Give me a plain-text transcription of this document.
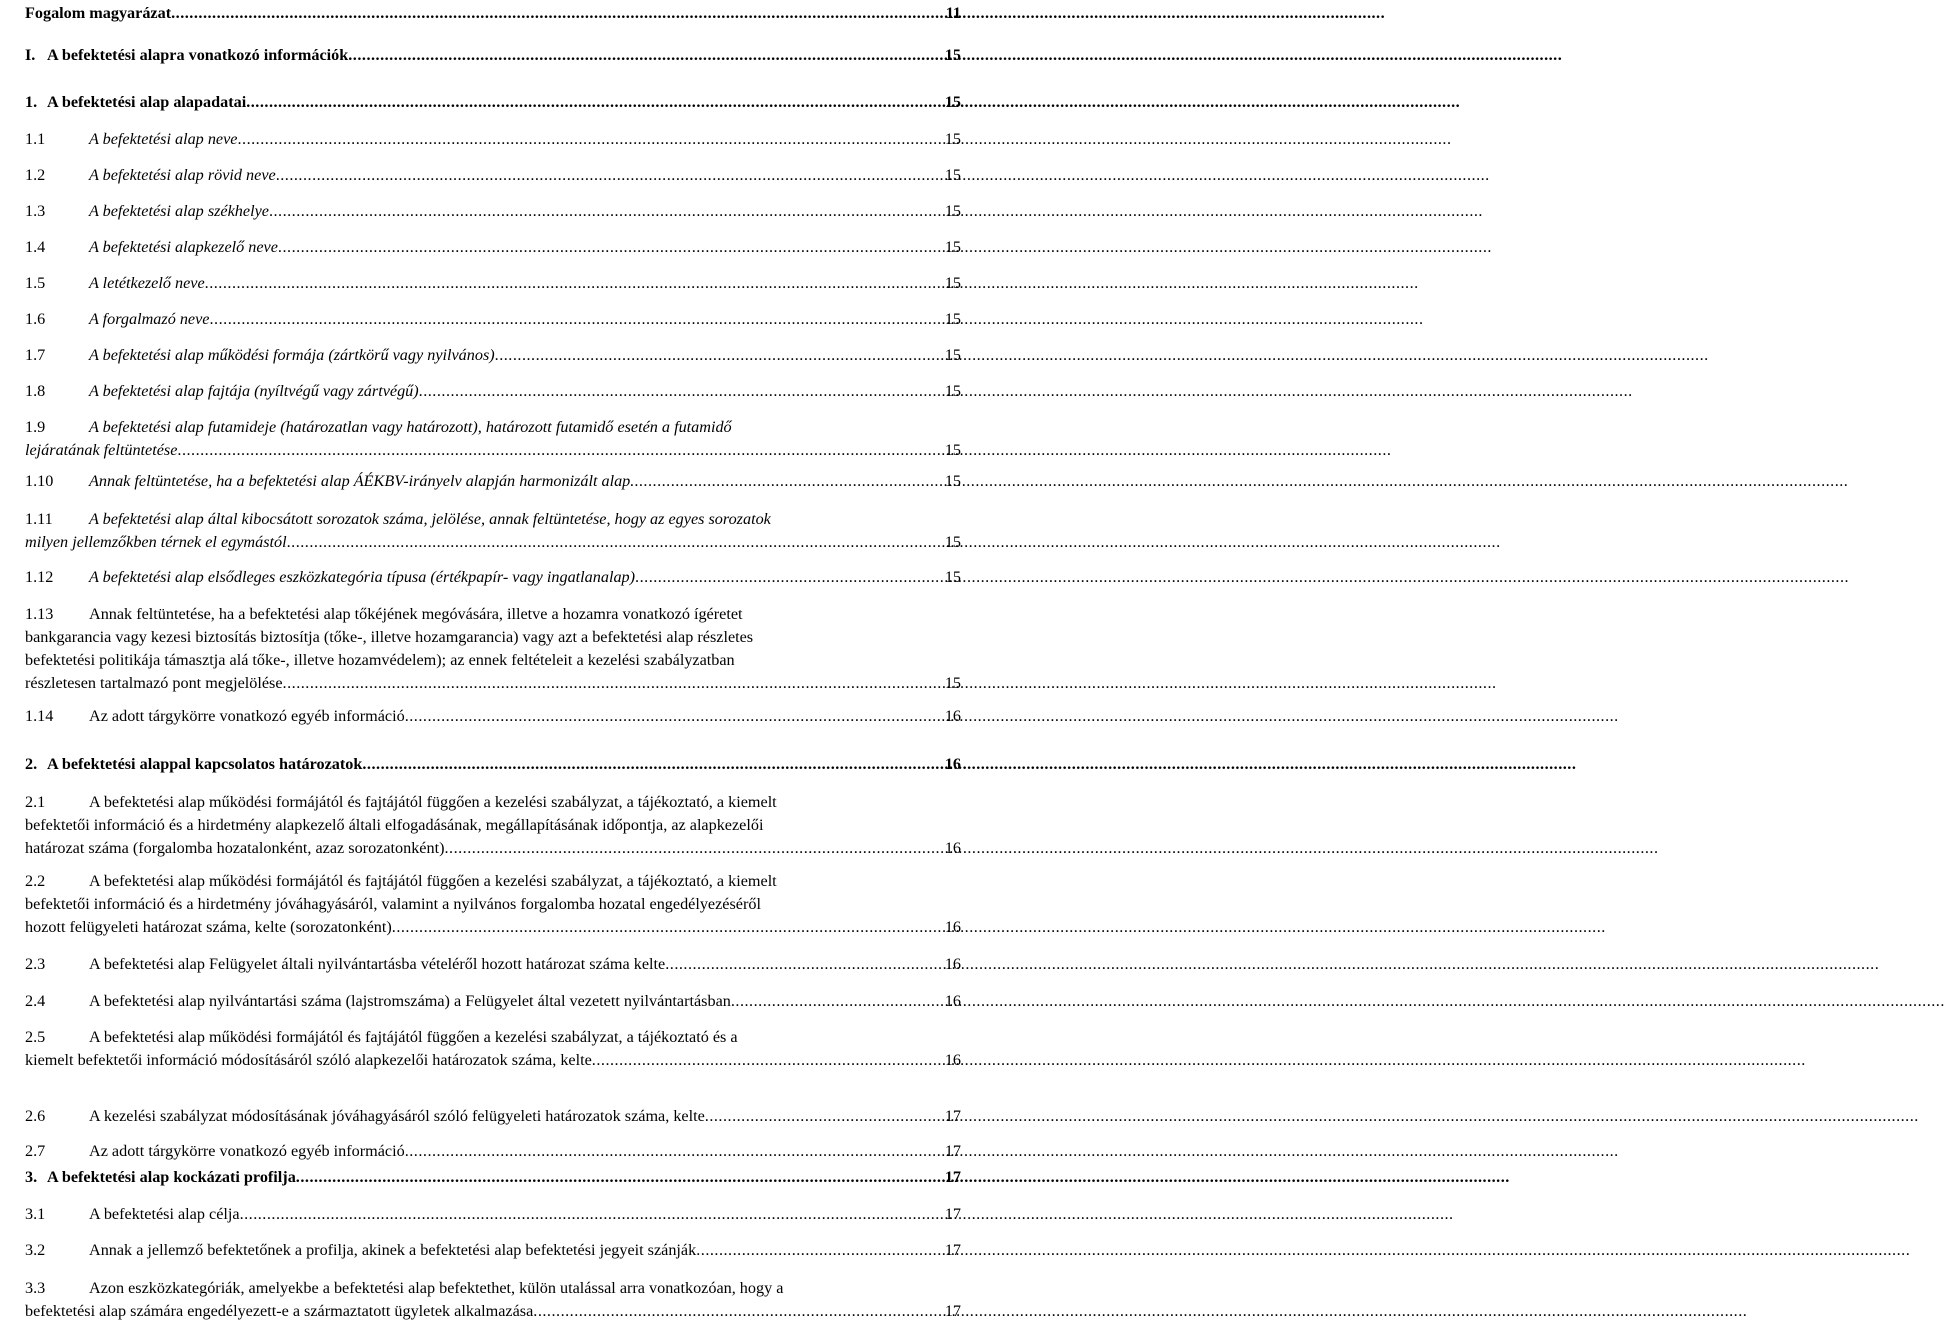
Fogalom magyarázat .....	11
I. A befektetési alapra vonatkozó információk .....	15
1. A befektetési alap alapadatai .....	15
1.1	A befektetési alap neve .....	15
1.2	A befektetési alap rövid neve .....	15
1.3	A befektetési alap székhelye .....	15
1.4	A befektetési alapkezelő neve .....	15
1.5	A letétkezelő neve .....	15
1.6	A forgalmazó neve .....	15
1.7	A befektetési alap működési formája (zártkörű vagy nyilvános) .....	15
1.8	A befektetési alap fajtája (nyíltvégű vagy zártvégű) .....	15
1.9	A befektetési alap futamideje (határozatlan vagy határozott), határozott futamidő esetén a futamidő
lejáratának feltüntetése .....	15
1.10	Annak feltüntetése, ha a befektetési alap ÁÉKBV-irányelv alapján harmonizált alap. .....	15
1.11	A befektetési alap által kibocsátott sorozatok száma, jelölése, annak feltüntetése, hogy az egyes sorozatok
milyen jellemzőkben térnek el egymástól .....	15
1.12	A befektetési alap elsődleges eszközkategória típusa (értékpapír- vagy ingatlanalap) .....	15
1.13	Annak feltüntetése, ha a befektetési alap tőkéjének megóvására, illetve a hozamra vonatkozó ígéretet
bankgarancia vagy kezesi biztosítás biztosítja (tőke-, illetve hozamgarancia) vagy azt a befektetési alap részletes
befektetési politikája támasztja alá tőke-, illetve hozamvédelem); az ennek feltételeit a kezelési szabályzatban
részletesen tartalmazó pont megjelölése .....	15
1.14	Az adott tárgykörre vonatkozó egyéb információ .....	16
2. A befektetési alappal kapcsolatos határozatok .....	16
2.1	A befektetési alap működési formájától és fajtájától függően a kezelési szabályzat, a tájékoztató, a kiemelt
befektetői információ és a hirdetmény alapkezelő általi elfogadásának, megállapításának időpontja, az alapkezelői
határozat száma (forgalomba hozatalonként, azaz sorozatonként) .....	16
2.2	A befektetési alap működési formájától és fajtájától függően a kezelési szabályzat, a tájékoztató, a kiemelt
befektetői információ és a hirdetmény jóváhagyásáról, valamint a nyilvános forgalomba hozatal engedélyezéséről
hozott felügyeleti határozat száma, kelte (sorozatonként) .....	16
2.3	A befektetési alap Felügyelet általi nyilvántartásba vételéről hozott határozat száma kelte .....	16
2.4	A befektetési alap nyilvántartási száma (lajstromszáma) a Felügyelet által vezetett nyilvántartásban .....	16
2.5	A befektetési alap működési formájától és fajtájától függően a kezelési szabályzat, a tájékoztató és a
kiemelt befektetői információ módosításáról szóló alapkezelői határozatok száma, kelte .....	16
2.6	A kezelési szabályzat módosításának jóváhagyásáról szóló felügyeleti határozatok száma, kelte .....	17
2.7	Az adott tárgykörre vonatkozó egyéb információ .....	17
3. A befektetési alap kockázati profilja .....	17
3.1	A befektetési alap célja .....	17
3.2	Annak a jellemző befektetőnek a profilja, akinek a befektetési alap befektetési jegyeit szánják .....	17
3.3	Azon eszközkategóriák, amelyekbe a befektetési alap befektethet, külön utalással arra vonatkozóan, hogy a
befektetési alap számára engedélyezett-e a származtatott ügyletek alkalmazása .....	17
